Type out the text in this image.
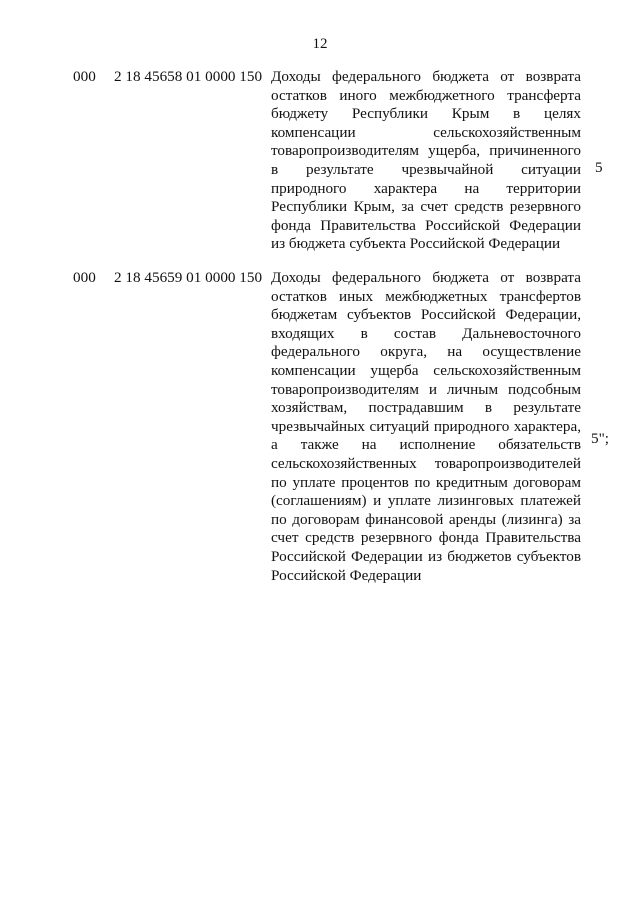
12
000 2 18 45658 01 0000 150 Доходы федерального бюджета от возврата остатков иного межбюджетного трансферта бюджету Республики Крым в целях компенсации сельскохозяйственным товаропроизводителям ущерба, причиненного в результате чрезвычайной ситуации природного характера на территории Республики Крым, за счет средств резервного фонда Правительства Российской Федерации из бюджета субъекта Российской Федерации
5
000 2 18 45659 01 0000 150 Доходы федерального бюджета от возврата остатков иных межбюджетных трансфертов бюджетам субъектов Российской Федерации, входящих в состав Дальневосточного федерального округа, на осуществление компенсации ущерба сельскохозяйственным товаропроизводителям и личным подсобным хозяйствам, пострадавшим в результате чрезвычайных ситуаций природного характера, а также на исполнение обязательств сельскохозяйственных товаропроизводителей по уплате процентов по кредитным договорам (соглашениям) и уплате лизинговых платежей по договорам финансовой аренды (лизинга) за счет средств резервного фонда Правительства Российской Федерации из бюджетов субъектов Российской Федерации
5";
